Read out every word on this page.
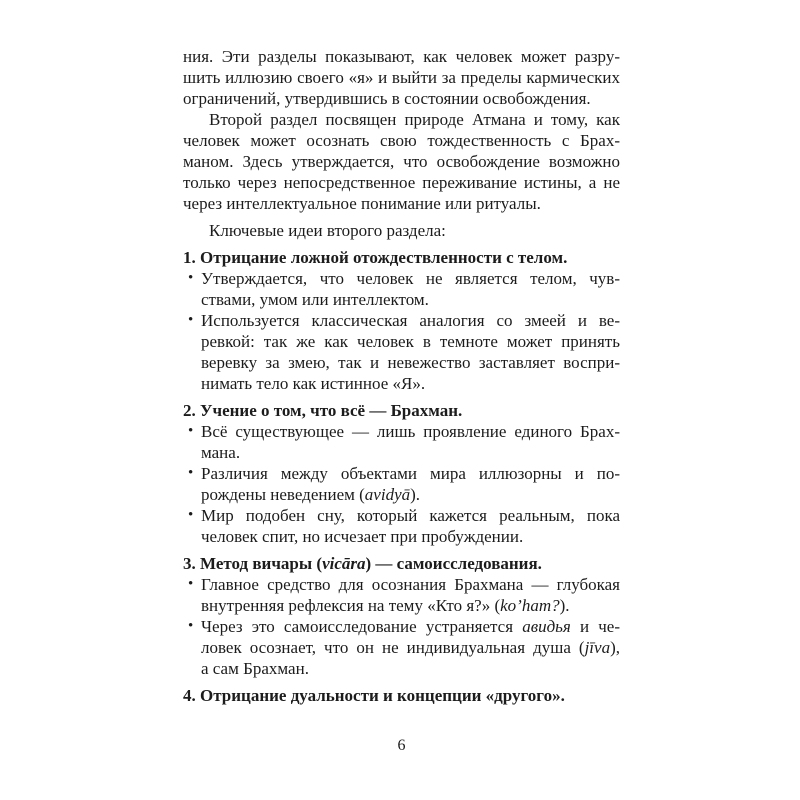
ния. Эти разделы показывают, как человек может разру-
шить иллюзию своего «я» и выйти за пределы кармических
ограничений, утвердившись в состоянии освобождения.
Второй раздел посвящен природе Атмана и тому, как
человек может осознать свою тождественность с Брах-
маном. Здесь утверждается, что освобождение возможно
только через непосредственное переживание истины, а не
через интеллектуальное понимание или ритуалы.
Ключевые идеи второго раздела:
1. Отрицание ложной отождествленности с телом.
• Утверждается, что человек не является телом, чув-
ствами, умом или интеллектом.
• Используется классическая аналогия со змеей и ве-
ревкой: так же как человек в темноте может принять
веревку за змею, так и невежество заставляет воспри-
нимать тело как истинное «Я».
2. Учение о том, что всё — Брахман.
• Всё существующее — лишь проявление единого Брах-
мана.
• Различия между объектами мира иллюзорны и по-
рождены неведением (avidyā).
• Мир подобен сну, который кажется реальным, пока
человек спит, но исчезает при пробуждении.
3. Метод вичары (vicāra) — самоисследования.
• Главное средство для осознания Брахмана — глубокая
внутренняя рефлексия на тему «Кто я?» (ko’ham?).
• Через это самоисследование устраняется авидья и че-
ловек осознает, что он не индивидуальная душа (jīva),
а сам Брахман.
4. Отрицание дуальности и концепции «другого».
6
